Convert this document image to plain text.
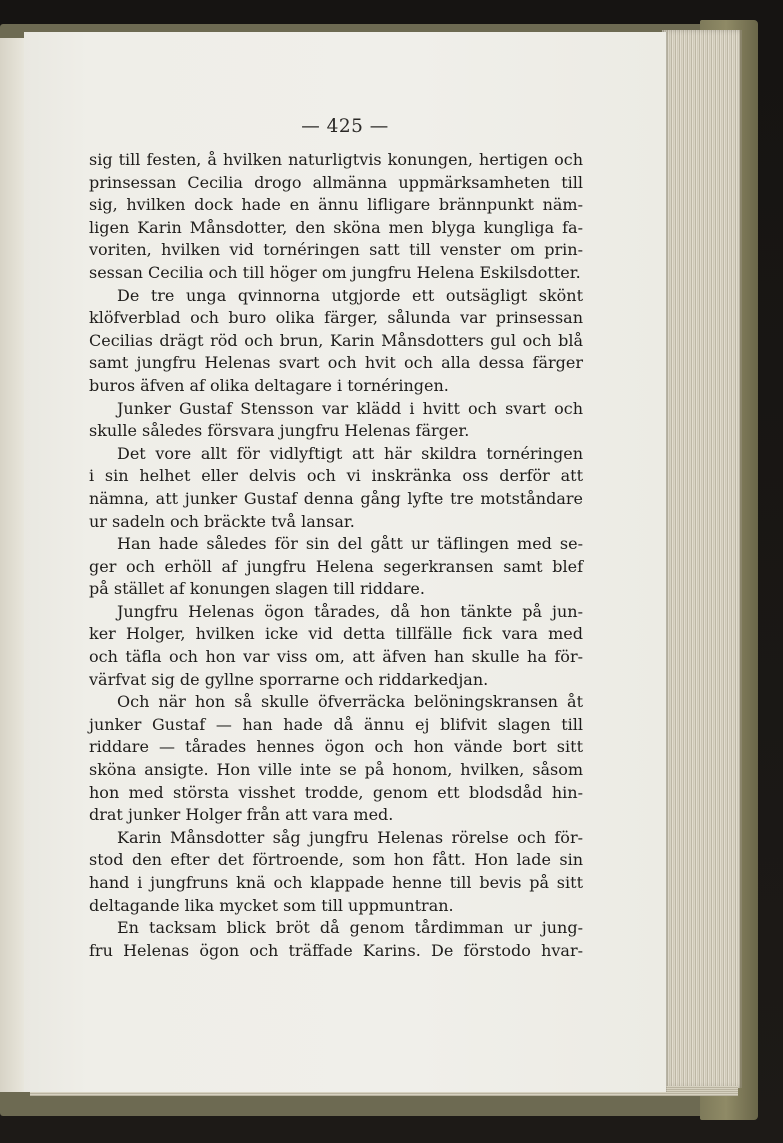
— 425 —
sig till festen, å hvilken naturligtvis konungen, hertigen och
prinsessan Cecilia drogo allmänna uppmärksamheten till
sig, hvilken dock hade en ännu lifligare brännpunkt näm-
ligen Karin Månsdotter, den sköna men blyga kungliga fa-
voriten, hvilken vid tornéringen satt till venster om prin-
sessan Cecilia och till höger om jungfru Helena Eskilsdotter.
De tre unga qvinnorna utgjorde ett outsägligt skönt
klöfverblad och buro olika färger, sålunda var prinsessan
Cecilias drägt röd och brun, Karin Månsdotters gul och blå
samt jungfru Helenas svart och hvit och alla dessa färger
buros äfven af olika deltagare i tornéringen.
Junker Gustaf Stensson var klädd i hvitt och svart och
skulle således försvara jungfru Helenas färger.
Det vore allt för vidlyftigt att här skildra tornéringen
i sin helhet eller delvis och vi inskränka oss derför att
nämna, att junker Gustaf denna gång lyfte tre motståndare
ur sadeln och bräckte två lansar.
Han hade således för sin del gått ur täflingen med se-
ger och erhöll af jungfru Helena segerkransen samt blef
på stället af konungen slagen till riddare.
Jungfru Helenas ögon tårades, då hon tänkte på jun-
ker Holger, hvilken icke vid detta tillfälle fick vara med
och täfla och hon var viss om, att äfven han skulle ha för-
värfvat sig de gyllne sporrarne och riddarkedjan.
Och när hon så skulle öfverräcka belöningskransen åt
junker Gustaf — han hade då ännu ej blifvit slagen till
riddare — tårades hennes ögon och hon vände bort sitt
sköna ansigte. Hon ville inte se på honom, hvilken, såsom
hon med största visshet trodde, genom ett blodsdåd hin-
drat junker Holger från att vara med.
Karin Månsdotter såg jungfru Helenas rörelse och för-
stod den efter det förtroende, som hon fått. Hon lade sin
hand i jungfruns knä och klappade henne till bevis på sitt
deltagande lika mycket som till uppmuntran.
En tacksam blick bröt då genom tårdimman ur jung-
fru Helenas ögon och träffade Karins. De förstodo hvar-
